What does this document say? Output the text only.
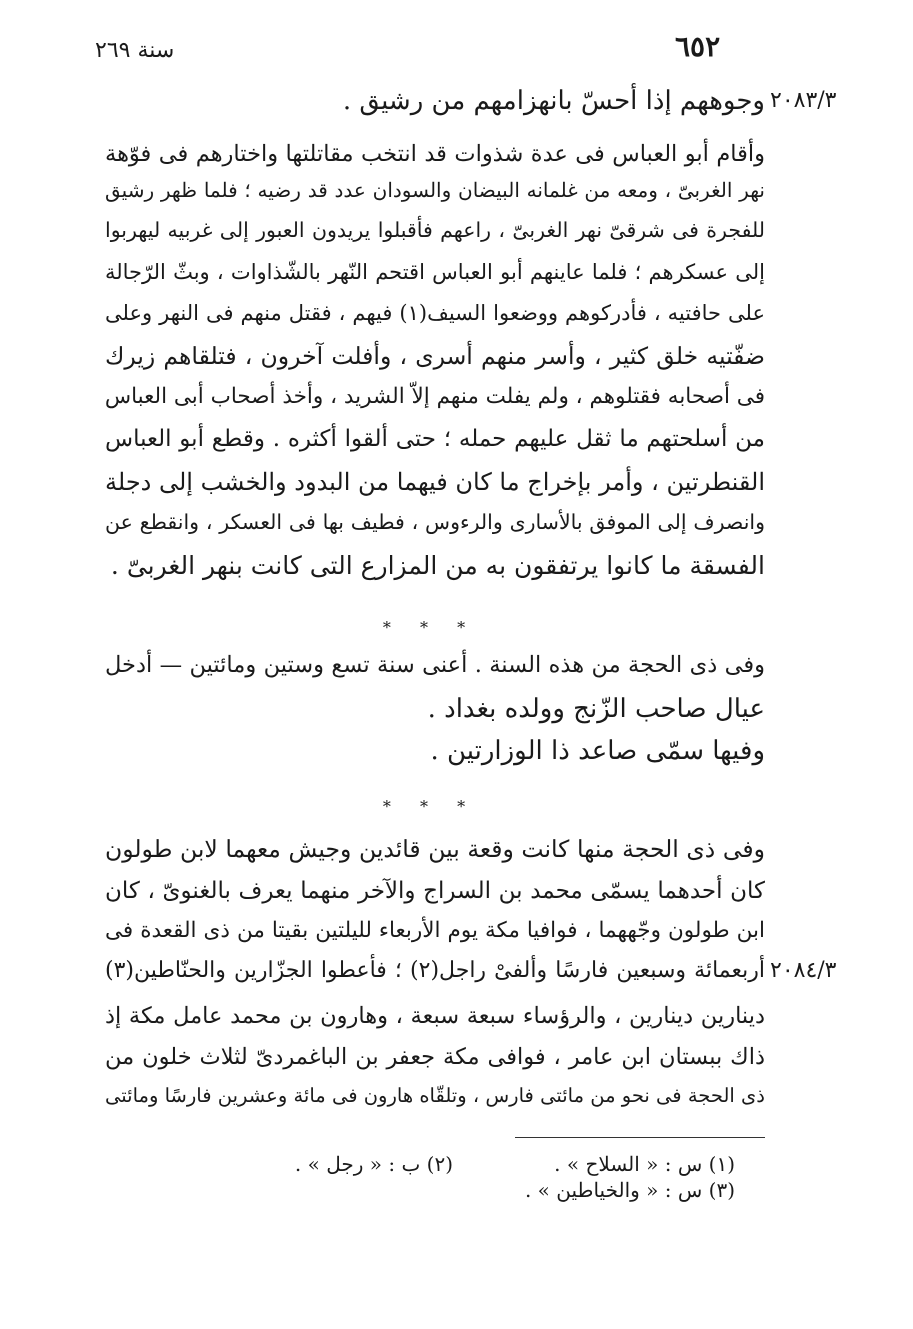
سنة ٢٦٩	٦٥٢
٢٠٨٣/٣
٢٠٨٤/٣
وجوههم إذا أحسّ بانهزامهم من رشيق .
وأقام أبو العباس فى عدة شذوات قد انتخب مقاتلتها واختارهم فى فوّهة
نهر الغربىّ ، ومعه من غلمانه البيضان والسودان عدد قد رضيه ؛ فلما ظهر رشيق
للفجرة فى شرقىّ نهر الغربىّ ، راعهم فأقبلوا يريدون العبور إلى غربيه ليهربوا
إلى عسكرهم ؛ فلما عاينهم أبو العباس اقتحم النّهر بالشّذاوات ، وبثّ الرّجالة
على حافتيه ، فأدركوهم ووضعوا السيف(١) فيهم ، فقتل منهم فى النهر وعلى
ضفّتيه خلق كثير ، وأسر منهم أسرى ، وأفلت آخرون ، فتلقاهم زيرك
فى أصحابه فقتلوهم ، ولم يفلت منهم إلاّ الشريد ، وأخذ أصحاب أبى العباس
من أسلحتهم ما ثقل عليهم حمله ؛ حتى ألقوا أكثره . وقطع أبو العباس
القنطرتين ، وأمر بإخراج ما كان فيهما من البدود والخشب إلى دجلة
وانصرف إلى الموفق بالأسارى والرءوس ، فطيف بها فى العسكر ، وانقطع عن
الفسقة ما كانوا يرتفقون به من المزارع التى كانت بنهر الغربىّ .
* * *
وفى ذى الحجة من هذه السنة . أعنى سنة تسع وستين ومائتين — أدخل
عيال صاحب الزّنج وولده بغداد .
وفيها سمّى صاعد ذا الوزارتين .
* * *
وفى ذى الحجة منها كانت وقعة بين قائدين وجيش معهما لابن طولون
كان أحدهما يسمّى محمد بن السراج والآخر منهما يعرف بالغنوىّ ، كان
ابن طولون وجّههما ، فوافيا مكة يوم الأربعاء لليلتين بقيتا من ذى القعدة فى
أربعمائة وسبعين فارسًا وألفىْ راجل(٢) ؛ فأعطوا الجزّارين والحنّاطين(٣)
دينارين دينارين ، والرؤساء سبعة سبعة ، وهارون بن محمد عامل مكة إذ
ذاك ببستان ابن عامر ، فوافى مكة جعفر بن الباغمردىّ لثلاث خلون من
ذى الحجة فى نحو من مائتى فارس ، وتلقّاه هارون فى مائة وعشرين فارسًا ومائتى
(١) س : « السلاح » .
(٢) ب : « رجل » .
(٣) س : « والخياطين » .
